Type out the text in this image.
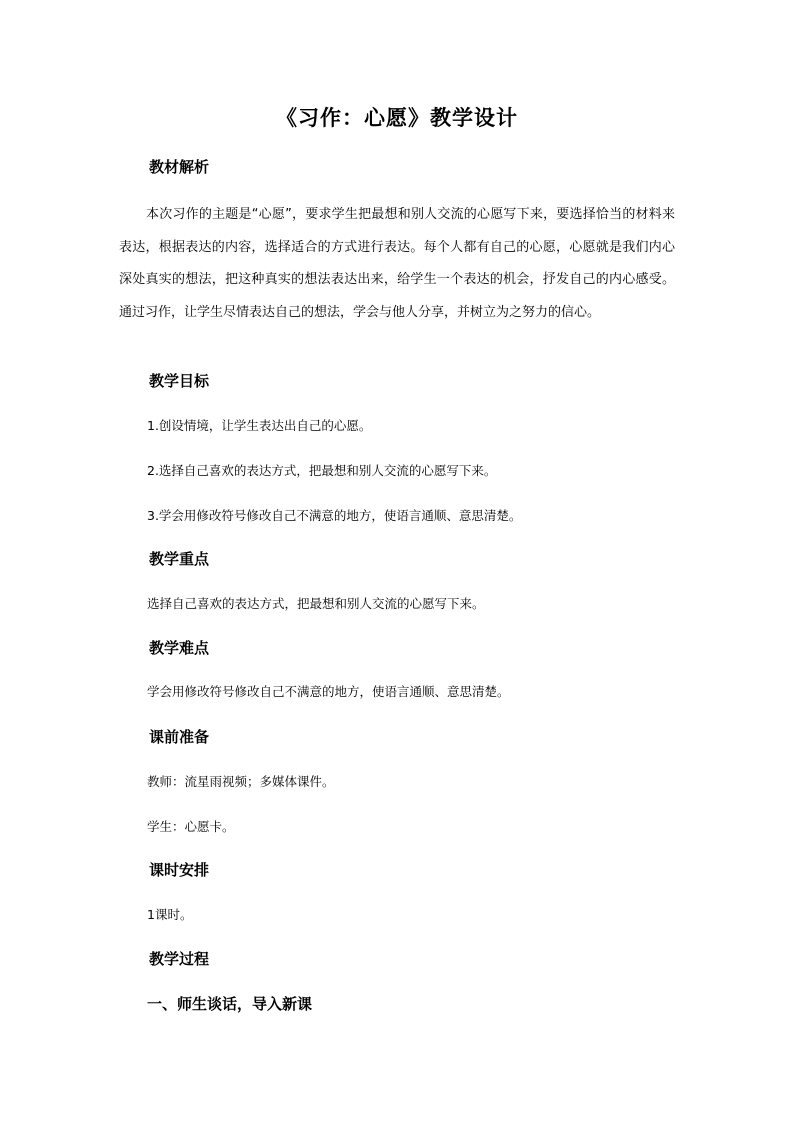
《习作：心愿》教学设计
教材解析
本次习作的主题是“心愿”，要求学生把最想和别人交流的心愿写下来，要选择恰当的材料来表达，根据表达的内容，选择适合的方式进行表达。每个人都有自己的心愿，心愿就是我们内心深处真实的想法，把这种真实的想法表达出来，给学生一个表达的机会，抒发自己的内心感受。通过习作，让学生尽情表达自己的想法，学会与他人分享，并树立为之努力的信心。
教学目标
1.创设情境，让学生表达出自己的心愿。
2.选择自己喜欢的表达方式，把最想和别人交流的心愿写下来。
3.学会用修改符号修改自己不满意的地方，使语言通顺、意思清楚。
教学重点
选择自己喜欢的表达方式，把最想和别人交流的心愿写下来。
教学难点
学会用修改符号修改自己不满意的地方，使语言通顺、意思清楚。
课前准备
教师：流星雨视频；多媒体课件。
学生：心愿卡。
课时安排
1课时。
教学过程
一、师生谈话，导入新课
